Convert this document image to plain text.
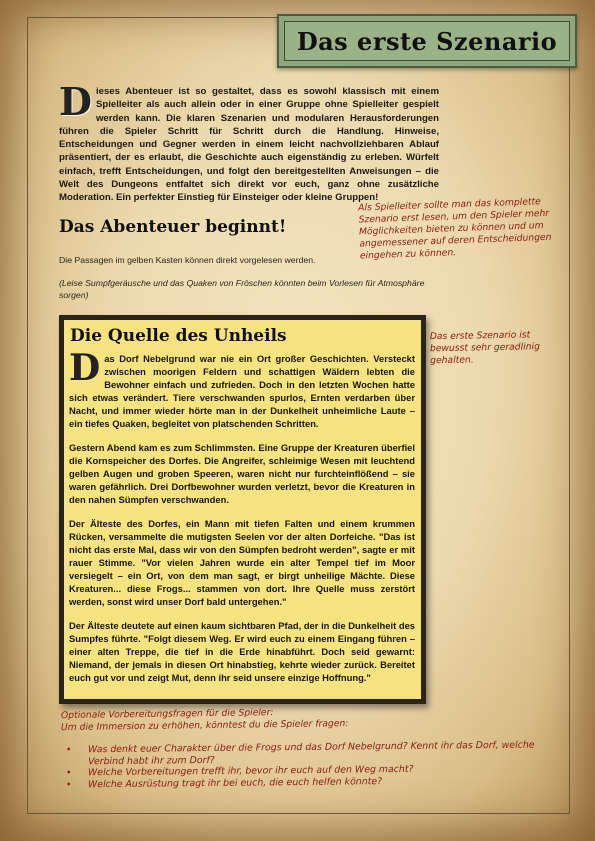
Das erste Szenario
Dieses Abenteuer ist so gestaltet, dass es sowohl klassisch mit einem Spielleiter als auch allein oder in einer Gruppe ohne Spielleiter gespielt werden kann. Die klaren Szenarien und modularen Herausforderungen führen die Spieler Schritt für Schritt durch die Handlung. Hinweise, Entscheidungen und Gegner werden in einem leicht nachvollziehbaren Ablauf präsentiert, der es erlaubt, die Geschichte auch eigenständig zu erleben. Würfelt einfach, trefft Entscheidungen, und folgt den bereitgestellten Anweisungen – die Welt des Dungeons entfaltet sich direkt vor euch, ganz ohne zusätzliche Moderation. Ein perfekter Einstieg für Einsteiger oder kleine Gruppen!
Das Abenteuer beginnt!
Die Passagen im gelben Kasten können direkt vorgelesen werden.
(Leise Sumpfgeräusche und das Quaken von Fröschen könnten beim Vorlesen für Atmosphäre sorgen)
Als Spielleiter sollte man das komplette Szenario erst lesen, um den Spieler mehr Möglichkeiten bieten zu können und um angemessener auf deren Entscheidungen eingehen zu können.
Das erste Szenario ist bewusst sehr geradlinig gehalten.
Die Quelle des Unheils

Das Dorf Nebelgrund war nie ein Ort großer Geschichten. Versteckt zwischen moorigen Feldern und schattigen Wäldern lebten die Bewohner einfach und zufrieden. Doch in den letzten Wochen hatte sich etwas verändert. Tiere verschwanden spurlos, Ernten verdarben über Nacht, und immer wieder hörte man in der Dunkelheit unheimliche Laute – ein tiefes Quaken, begleitet von platschenden Schritten.

Gestern Abend kam es zum Schlimmsten. Eine Gruppe der Kreaturen überfiel die Kornspeicher des Dorfes. Die Angreifer, schleimige Wesen mit leuchtend gelben Augen und groben Speeren, waren nicht nur furchteinflößend – sie waren gefährlich. Drei Dorfbewohner wurden verletzt, bevor die Kreaturen in den nahen Sümpfen verschwanden.

Der Älteste des Dorfes, ein Mann mit tiefen Falten und einem krummen Rücken, versammelte die mutigsten Seelen vor der alten Dorfeiche. "Das ist nicht das erste Mal, dass wir von den Sümpfen bedroht werden", sagte er mit rauer Stimme. "Vor vielen Jahren wurde ein alter Tempel tief im Moor versiegelt – ein Ort, von dem man sagt, er birgt unheilige Mächte. Diese Kreaturen... diese Frogs... stammen von dort. Ihre Quelle muss zerstört werden, sonst wird unser Dorf bald untergehen."

Der Älteste deutete auf einen kaum sichtbaren Pfad, der in die Dunkelheit des Sumpfes führte. "Folgt diesem Weg. Er wird euch zu einem Eingang führen – einer alten Treppe, die tief in die Erde hinabführt. Doch seid gewarnt: Niemand, der jemals in diesen Ort hinabstieg, kehrte wieder zurück. Bereitet euch gut vor und zeigt Mut, denn ihr seid unsere einzige Hoffnung."

Optionale Vorbereitungsfragen für die Spieler:
Um die Immersion zu erhöhen, könntest du die Spieler fragen:
• Was denkt euer Charakter über die Frogs und das Dorf Nebelgrund? Kennt ihr das Dorf, welche Verbind habt ihr zum Dorf?
• Welche Vorbereitungen trefft ihr, bevor ihr euch auf den Weg macht?
• Welche Ausrüstung tragt ihr bei euch, die euch helfen könnte?
